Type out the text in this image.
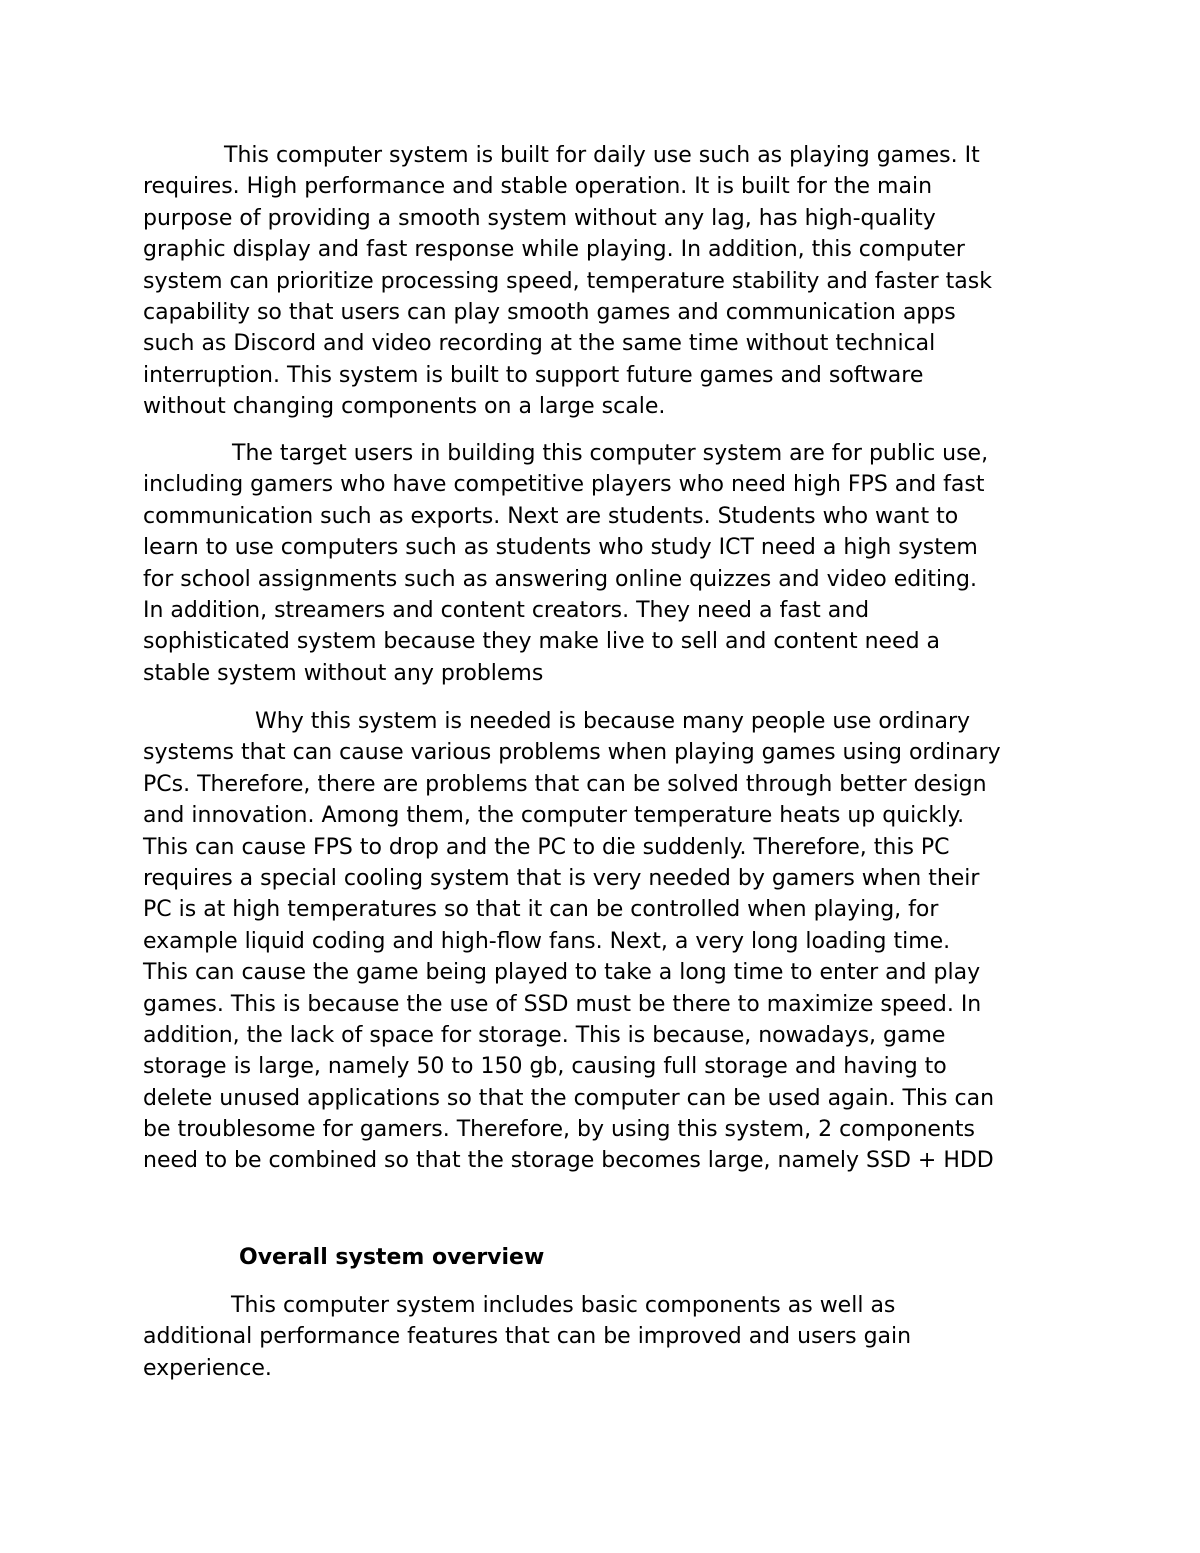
This computer system is built for daily use such as playing games. It
requires. High performance and stable operation. It is built for the main
purpose of providing a smooth system without any lag, has high-quality
graphic display and fast response while playing. In addition, this computer
system can prioritize processing speed, temperature stability and faster task
capability so that users can play smooth games and communication apps
such as Discord and video recording at the same time without technical
interruption. This system is built to support future games and software
without changing components on a large scale.
The target users in building this computer system are for public use,
including gamers who have competitive players who need high FPS and fast
communication such as exports. Next are students. Students who want to
learn to use computers such as students who study ICT need a high system
for school assignments such as answering online quizzes and video editing.
In addition, streamers and content creators. They need a fast and
sophisticated system because they make live to sell and content need a
stable system without any problems
Why this system is needed is because many people use ordinary
systems that can cause various problems when playing games using ordinary
PCs. Therefore, there are problems that can be solved through better design
and innovation. Among them, the computer temperature heats up quickly.
This can cause FPS to drop and the PC to die suddenly. Therefore, this PC
requires a special cooling system that is very needed by gamers when their
PC is at high temperatures so that it can be controlled when playing, for
example liquid coding and high-flow fans. Next, a very long loading time.
This can cause the game being played to take a long time to enter and play
games. This is because the use of SSD must be there to maximize speed. In
addition, the lack of space for storage. This is because, nowadays, game
storage is large, namely 50 to 150 gb, causing full storage and having to
delete unused applications so that the computer can be used again. This can
be troublesome for gamers. Therefore, by using this system, 2 components
need to be combined so that the storage becomes large, namely SSD + HDD
Overall system overview
This computer system includes basic components as well as
additional performance features that can be improved and users gain
experience.
